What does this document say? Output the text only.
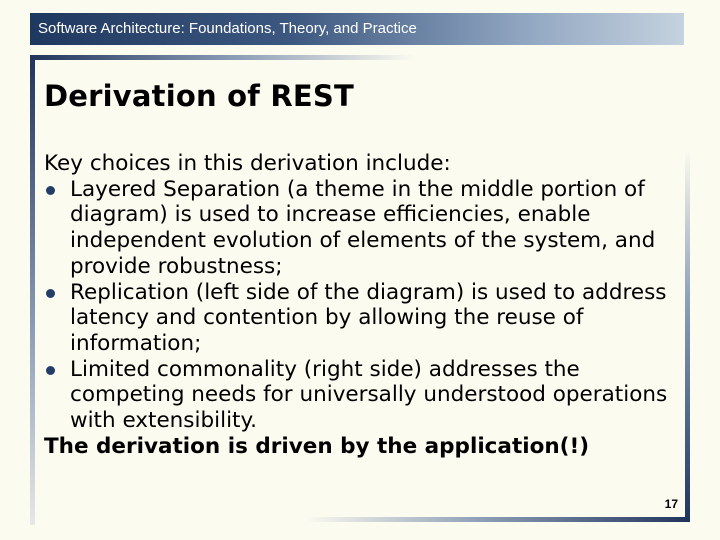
Software Architecture: Foundations, Theory, and Practice
Derivation of REST

Key choices in this derivation include:

Layered Separation (a theme in the middle portion of diagram) is used to increase efficiencies, enable independent evolution of elements of the system, and provide robustness;
Replication (left side of the diagram) is used to address latency and contention by allowing the reuse of information;
Limited commonality (right side) addresses the competing needs for universally understood operations with extensibility.

The derivation is driven by the application(!)

17
